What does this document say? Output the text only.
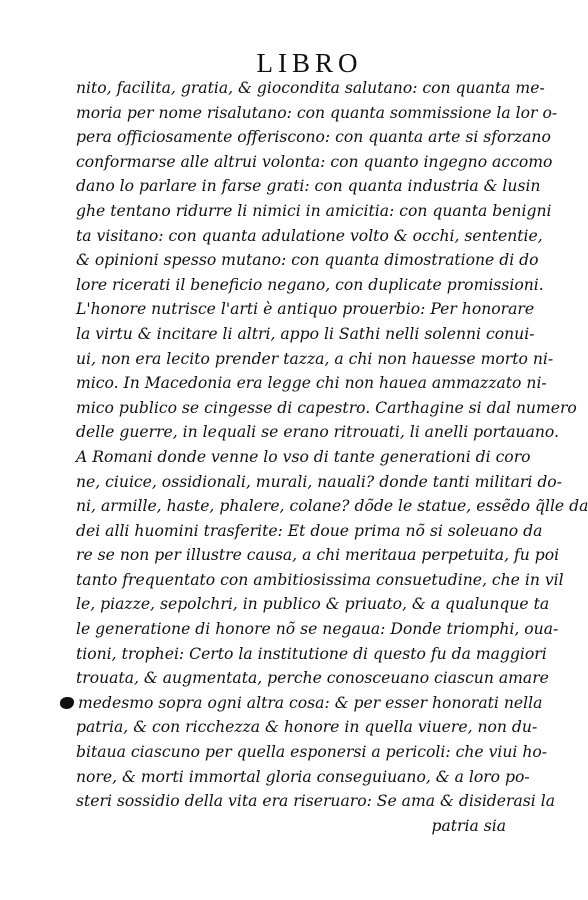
LIBRO
nito, facilita, gratia, & giocondita salutano: con quanta me-
moria per nome risalutano: con quanta sommissione la lor o-
pera officiosamente offeriscono: con quanta arte si sforzano
conformarse alle altrui volonta: con quanto ingegno accomo
dano lo parlare in farse grati: con quanta industria & lusin
ghe tentano ridurre li nimici in amicitia: con quanta benigni
ta visitano: con quanta adulatione volto & occhi, sententie,
& opinioni spesso mutano: con quanta dimostratione di do
lore ricerati il beneficio negano, con duplicate promissioni.
L'honore nutrisce l'arti è antiquo prouerbio: Per honorare
la virtu & incitare li altri, appo li Sathi nelli solenni conui-
ui, non era lecito prender tazza, a chi non hauesse morto ni-
mico. In Macedonia era legge chi non hauea ammazzato ni-
mico publico se cingesse di capestro. Carthagine si dal numero
delle guerre, in lequali se erano ritrouati, li anelli portauano.
A Romani donde venne lo vso di tante generationi di coro
ne, ciuice, ossidionali, murali, nauali? donde tanti militari do-
ni, armille, haste, phalere, colane? dõde le statue, essẽdo q̃lle da
dei alli huomini trasferite: Et doue prima nõ si soleuano da
re se non per illustre causa, a chi meritaua perpetuita, fu poi
tanto frequentato con ambitiosissima consuetudine, che in vil
le, piazze, sepolchri, in publico & priuato, & a qualunque ta
le generatione di honore nõ se negaua: Donde triomphi, oua-
tioni, trophei: Certo la institutione di questo fu da maggiori
trouata, & augmentata, perche conosceuano ciascun amare
medesmo sopra ogni altra cosa: & per esser honorati nella
patria, & con ricchezza & honore in quella viuere, non du-
bitaua ciascuno per quella esponersi a pericoli: che viui ho-
nore, & morti immortal gloria conseguiuano, & a loro po-
steri sossidio della vita era riseruaro: Se ama & disiderasi la
patria sia
